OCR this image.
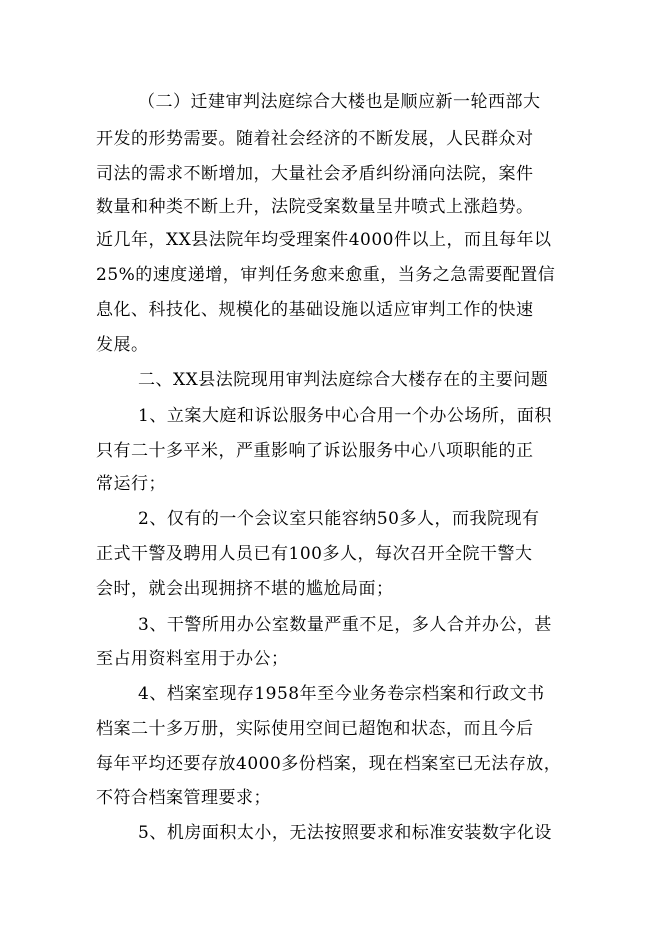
（二）迁建审判法庭综合大楼也是顺应新一轮西部大
开发的形势需要。随着社会经济的不断发展，人民群众对
司法的需求不断增加，大量社会矛盾纠纷涌向法院，案件
数量和种类不断上升，法院受案数量呈井喷式上涨趋势。
近几年，XX县法院年均受理案件4000件以上，而且每年以
25%的速度递增，审判任务愈来愈重，当务之急需要配置信
息化、科技化、规模化的基础设施以适应审判工作的快速
发展。
二、XX县法院现用审判法庭综合大楼存在的主要问题
1、立案大庭和诉讼服务中心合用一个办公场所，面积
只有二十多平米，严重影响了诉讼服务中心八项职能的正
常运行；
2、仅有的一个会议室只能容纳50多人，而我院现有
正式干警及聘用人员已有100多人，每次召开全院干警大
会时，就会出现拥挤不堪的尴尬局面；
3、干警所用办公室数量严重不足，多人合并办公，甚
至占用资料室用于办公；
4、档案室现存1958年至今业务卷宗档案和行政文书
档案二十多万册，实际使用空间已超饱和状态，而且今后
每年平均还要存放4000多份档案，现在档案室已无法存放，
不符合档案管理要求；
5、机房面积太小，无法按照要求和标准安装数字化设
